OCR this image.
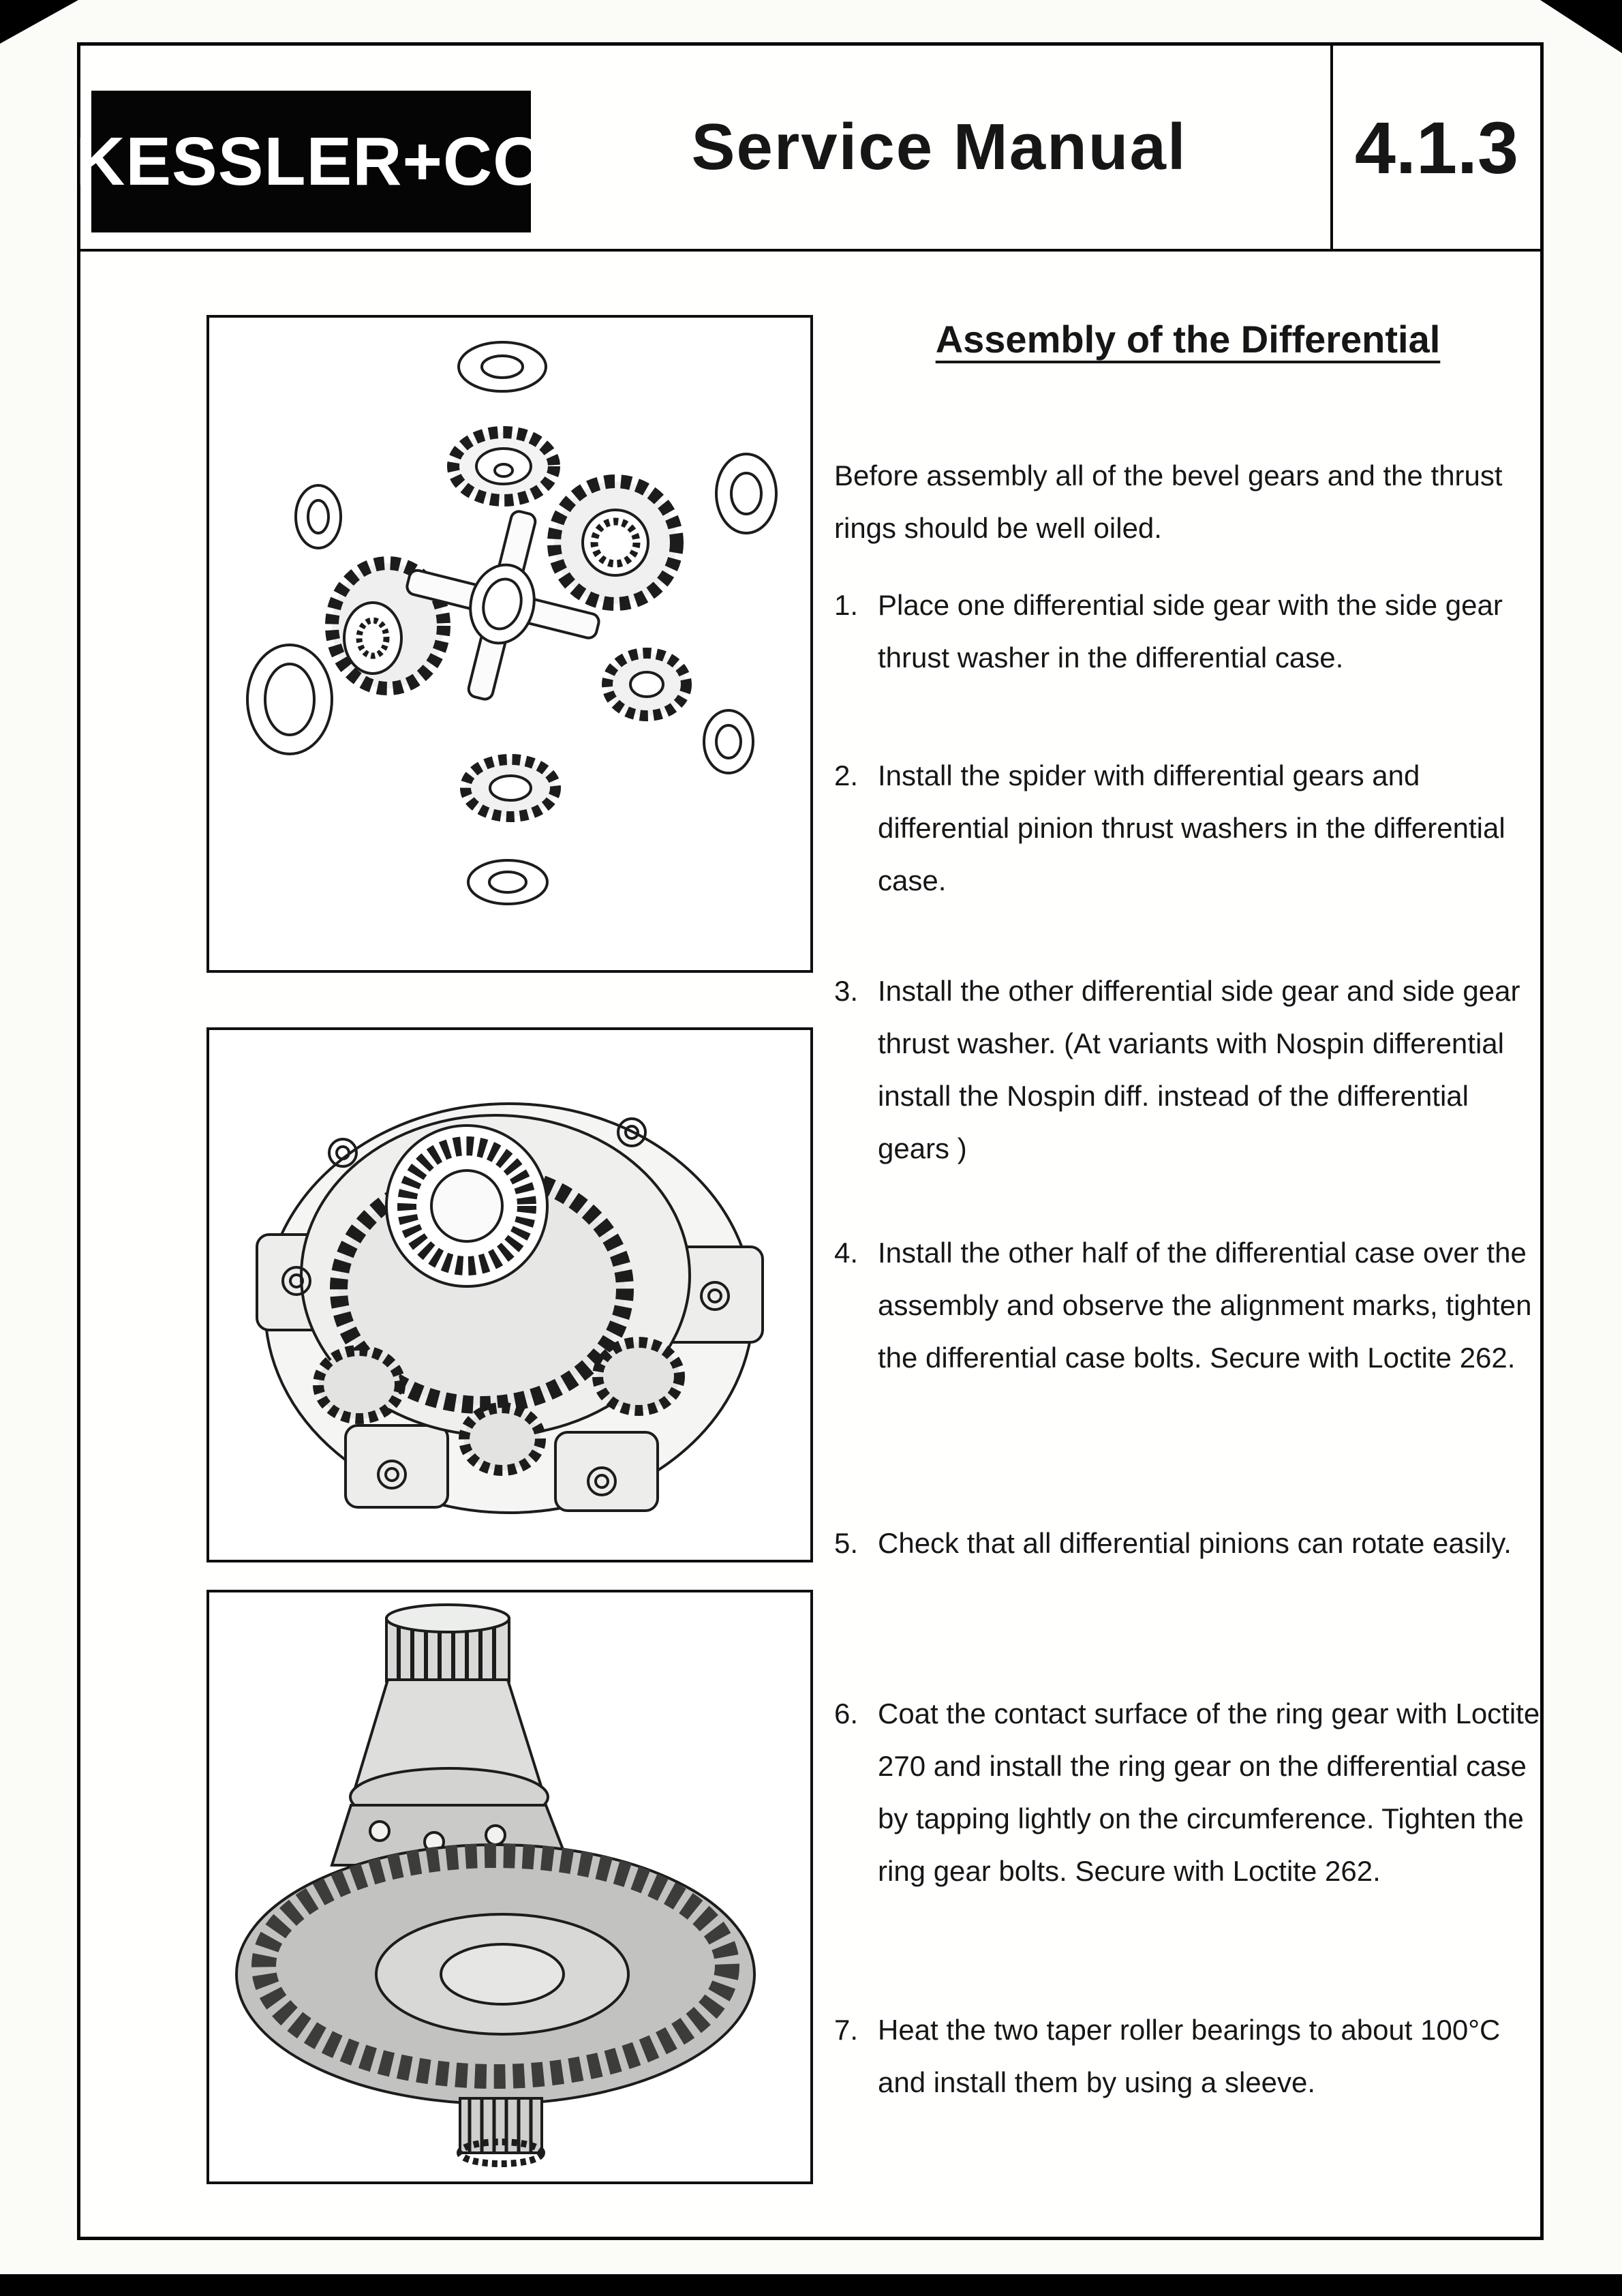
KESSLER+CO	Service Manual	4.1.3
Assembly of the Differential
Before assembly all of the bevel gears and the thrust rings should be well oiled.
1. Place one differential side gear with the side gear thrust washer in the differential case.
2. Install the spider with differential gears and differential pinion thrust washers in the differential case.
3. Install the other differential side gear and side gear thrust washer. (At variants with Nospin differential install the Nospin diff. instead of the differential gears )
4. Install the other half of the differential case over the assembly and observe the alignment marks, tighten the differential case bolts. Secure with Loctite 262.
5. Check that all differential pinions can rotate easily.
6. Coat the contact surface of the ring gear with Loctite 270 and install the ring gear on the differential case by tapping lightly on the circumference. Tighten the ring gear bolts. Secure with Loctite 262.
7. Heat the two taper roller bearings to about 100°C and install them by using a sleeve.
